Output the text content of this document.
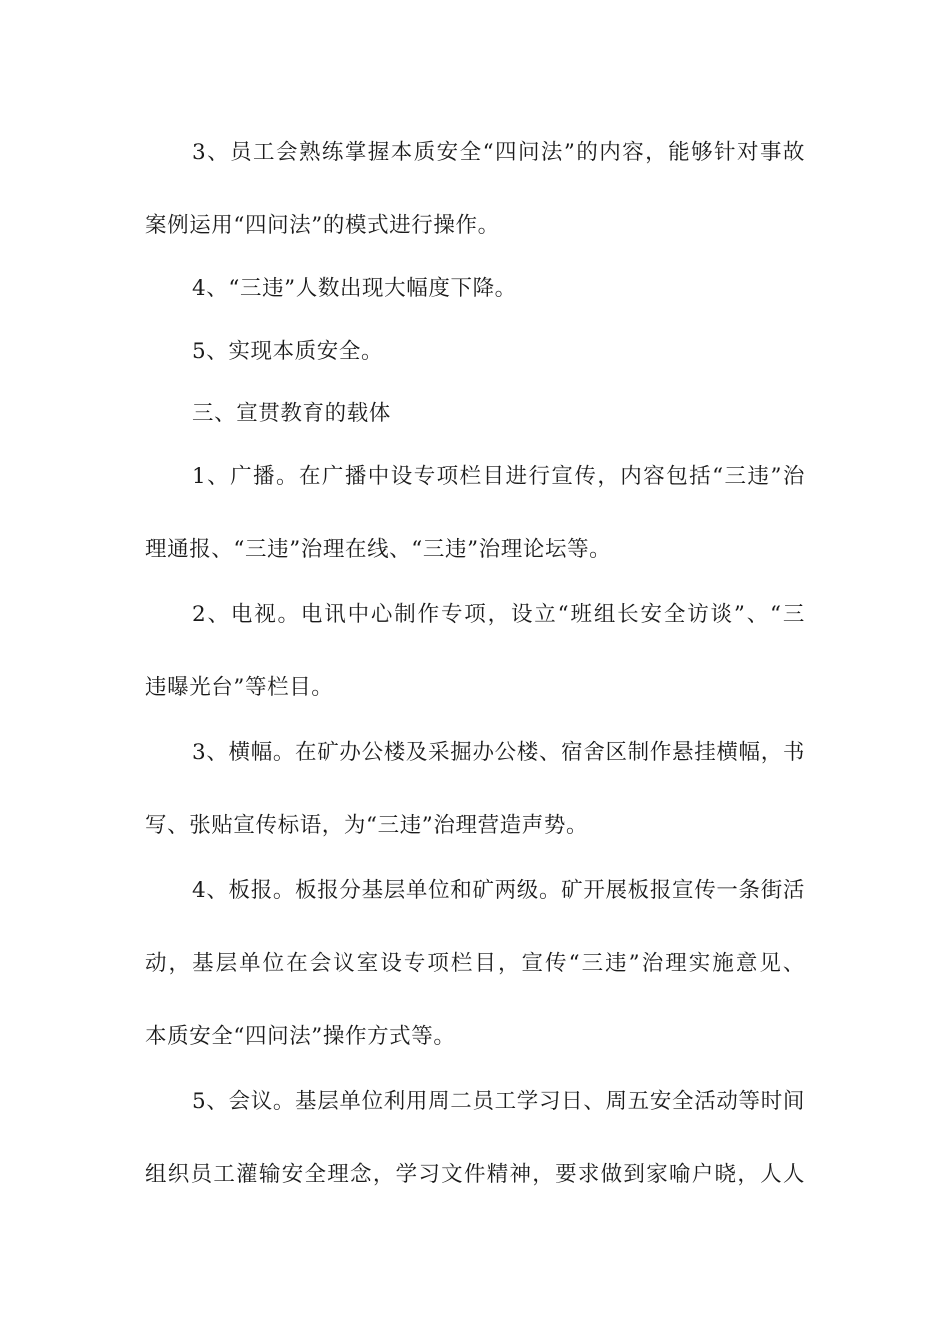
3、员工会熟练掌握本质安全“四问法”的内容，能够针对事故
案例运用“四问法”的模式进行操作。
4、“三违”人数出现大幅度下降。
5、实现本质安全。
三、宣贯教育的载体
1、广播。在广播中设专项栏目进行宣传，内容包括“三违”治
理通报、“三违”治理在线、“三违”治理论坛等。
2、电视。电讯中心制作专项，设立“班组长安全访谈”、“三
违曝光台”等栏目。
3、横幅。在矿办公楼及采掘办公楼、宿舍区制作悬挂横幅，书
写、张贴宣传标语，为“三违”治理营造声势。
4、板报。板报分基层单位和矿两级。矿开展板报宣传一条街活
动，基层单位在会议室设专项栏目，宣传“三违”治理实施意见、
本质安全“四问法”操作方式等。
5、会议。基层单位利用周二员工学习日、周五安全活动等时间
组织员工灌输安全理念，学习文件精神，要求做到家喻户晓，人人
